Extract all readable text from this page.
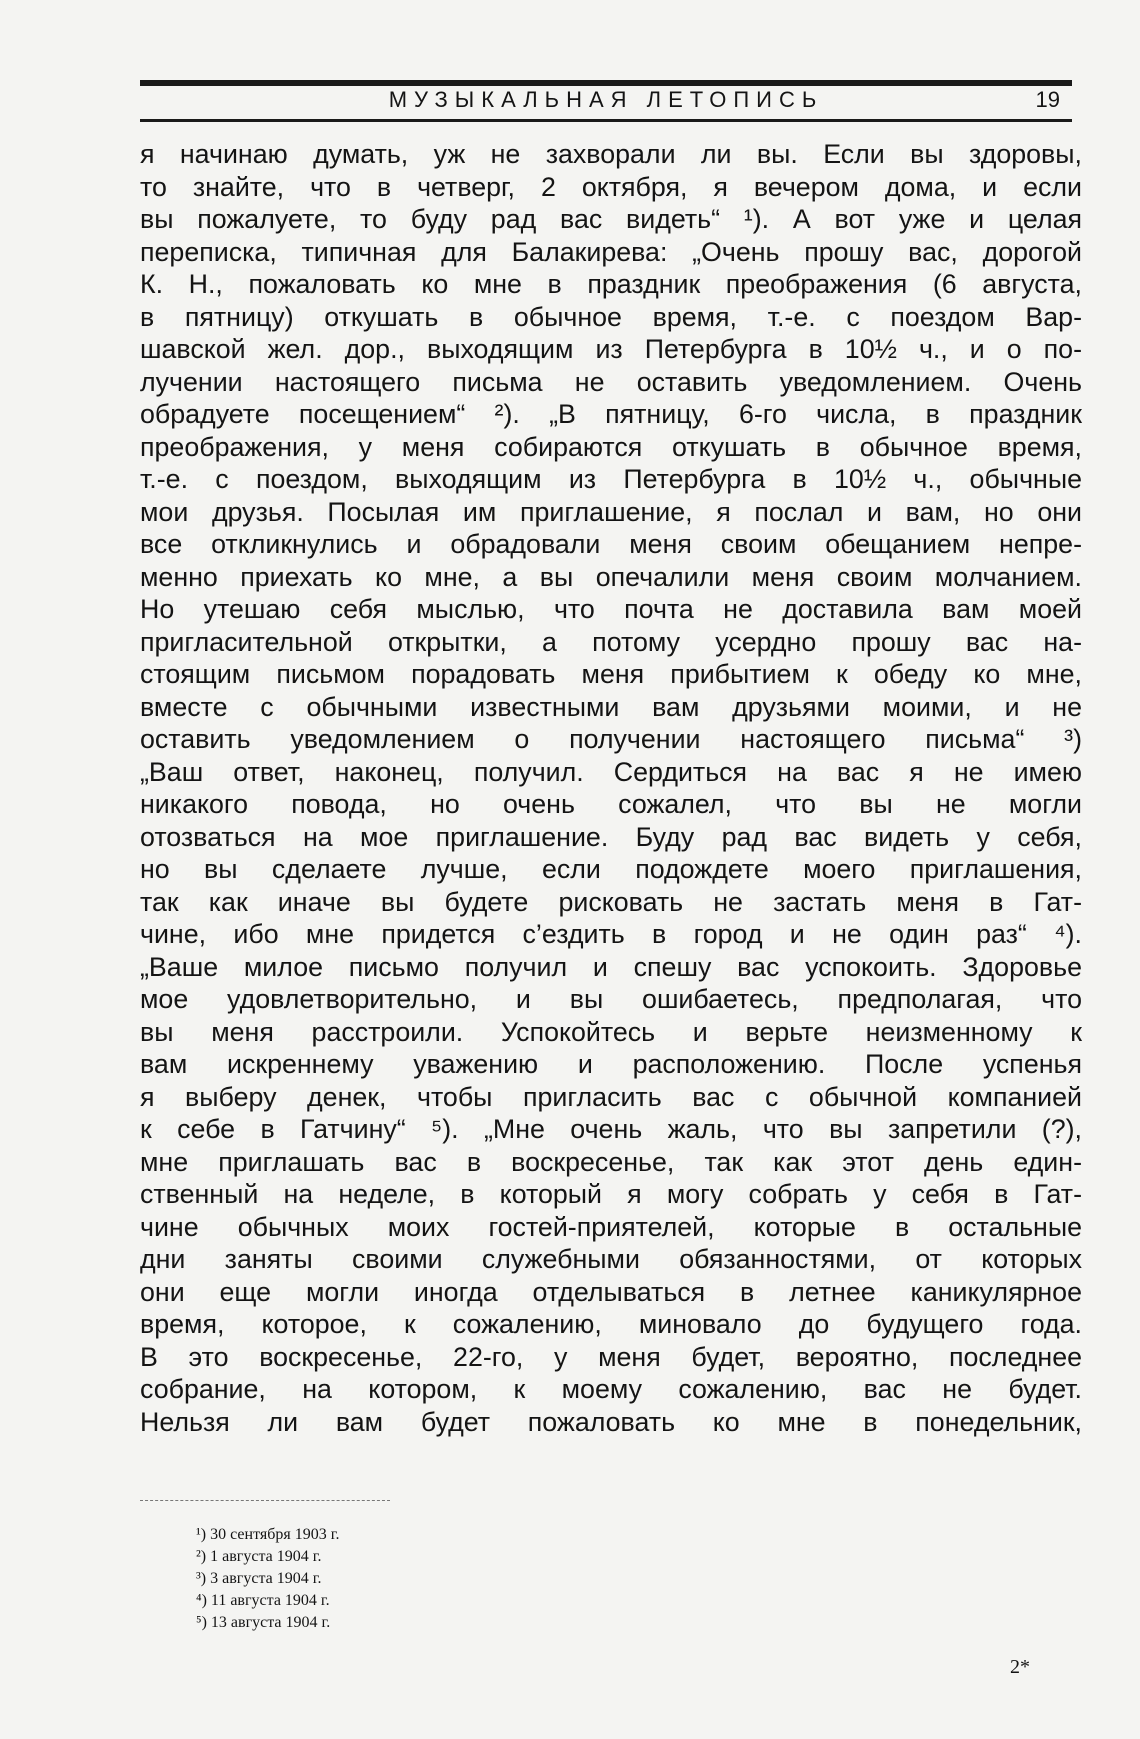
МУЗЫКАЛЬНАЯ ЛЕТОПИСЬ	19
я начинаю думать, уж не захворали ли вы. Если вы здоровы,
то знайте, что в четверг, 2 октября, я вечером дома, и если
вы пожалуете, то буду рад вас видеть“ ¹). А вот уже и целая
переписка, типичная для Балакирева: „Очень прошу вас, дорогой
К. Н., пожаловать ко мне в праздник преображения (6 августа,
в пятницу) откушать в обычное время, т.-е. с поездом Вар-
шавской жел. дор., выходящим из Петербурга в 10½ ч., и о по-
лучении настоящего письма не оставить уведомлением. Очень
обрадуете посещением“ ²). „В пятницу, 6-го числа, в праздник
преображения, у меня собираются откушать в обычное время,
т.-е. с поездом, выходящим из Петербурга в 10½ ч., обычные
мои друзья. Посылая им приглашение, я послал и вам, но они
все откликнулись и обрадовали меня своим обещанием непре-
менно приехать ко мне, а вы опечалили меня своим молчанием.
Но утешаю себя мыслью, что почта не доставила вам моей
пригласительной открытки, а потому усердно прошу вас на-
стоящим письмом порадовать меня прибытием к обеду ко мне,
вместе с обычными известными вам друзьями моими, и не
оставить уведомлением о получении настоящего письма“ ³)
„Ваш ответ, наконец, получил. Сердиться на вас я не имею
никакого повода, но очень сожалел, что вы не могли
отозваться на мое приглашение. Буду рад вас видеть у себя,
но вы сделаете лучше, если подождете моего приглашения,
так как иначе вы будете рисковать не застать меня в Гат-
чине, ибо мне придется с’ездить в город и не один раз“ ⁴).
„Ваше милое письмо получил и спешу вас успокоить. Здоровье
мое удовлетворительно, и вы ошибаетесь, предполагая, что
вы меня расстроили. Успокойтесь и верьте неизменному к
вам искреннему уважению и расположению. После успенья
я выберу денек, чтобы пригласить вас с обычной компанией
к себе в Гатчину“ ⁵). „Мне очень жаль, что вы запретили (?),
мне приглашать вас в воскресенье, так как этот день един-
ственный на неделе, в который я могу собрать у себя в Гат-
чине обычных моих гостей-приятелей, которые в остальные
дни заняты своими служебными обязанностями, от которых
они еще могли иногда отделываться в летнее каникулярное
время, которое, к сожалению, миновало до будущего года.
В это воскресенье, 22-го, у меня будет, вероятно, последнее
собрание, на котором, к моему сожалению, вас не будет.
Нельзя ли вам будет пожаловать ко мне в понедельник,
¹) 30 сентября 1903 г.
²) 1 августа 1904 г.
³) 3 августа 1904 г.
⁴) 11 августа 1904 г.
⁵) 13 августа 1904 г.
2*
